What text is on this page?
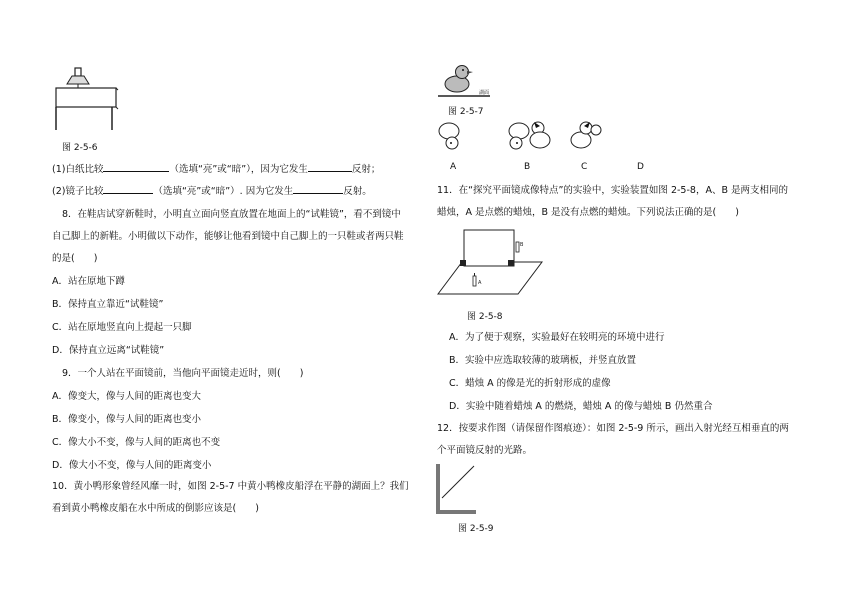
图 2-5-6
(1)白纸比较	（选填“亮”或“暗”），因为它发生	反射；
(2)镜子比较	（选填“亮”或“暗”）. 因为它发生	反射。
8．在鞋店试穿新鞋时，小明直立面向竖直放置在地面上的“试鞋镜”，看不到镜中
自己脚上的新鞋。小明做以下动作，能够让他看到镜中自己脚上的一只鞋或者两只鞋
的是(　　)
A．站在原地下蹲
B．保持直立靠近“试鞋镜”
C．站在原地竖直向上提起一只脚
D．保持直立远离“试鞋镜”
9．一个人站在平面镜前，当他向平面镜走近时，则(　　)
A．像变大，像与人间的距离也变大
B．像变小，像与人间的距离也变小
C．像大小不变，像与人间的距离也不变
D．像大小不变，像与人间的距离变小
10．黄小鸭形象曾经风靡一时，如图 2-5-7 中黄小鸭橡皮船浮在平静的湖面上？我们
看到黄小鸭橡皮船在水中所成的倒影应该是(　　)
湖面
图 2-5-7
A	B	C	D
11．在“探究平面镜成像特点”的实验中，实验装置如图 2-5-8，A、B 是两支相同的
蜡烛，A 是点燃的蜡烛，B 是没有点燃的蜡烛。下列说法正确的是(　　)
B
A
图 2-5-8
A．为了便于观察，实验最好在较明亮的环境中进行
B．实验中应选取较薄的玻璃板，并竖直放置
C．蜡烛 A 的像是光的折射形成的虚像
D．实验中随着蜡烛 A 的燃烧，蜡烛 A 的像与蜡烛 B 仍然重合
12．按要求作图（请保留作图痕迹）：如图 2-5-9 所示，画出入射光经互相垂直的两
个平面镜反射的光路。
图 2-5-9
